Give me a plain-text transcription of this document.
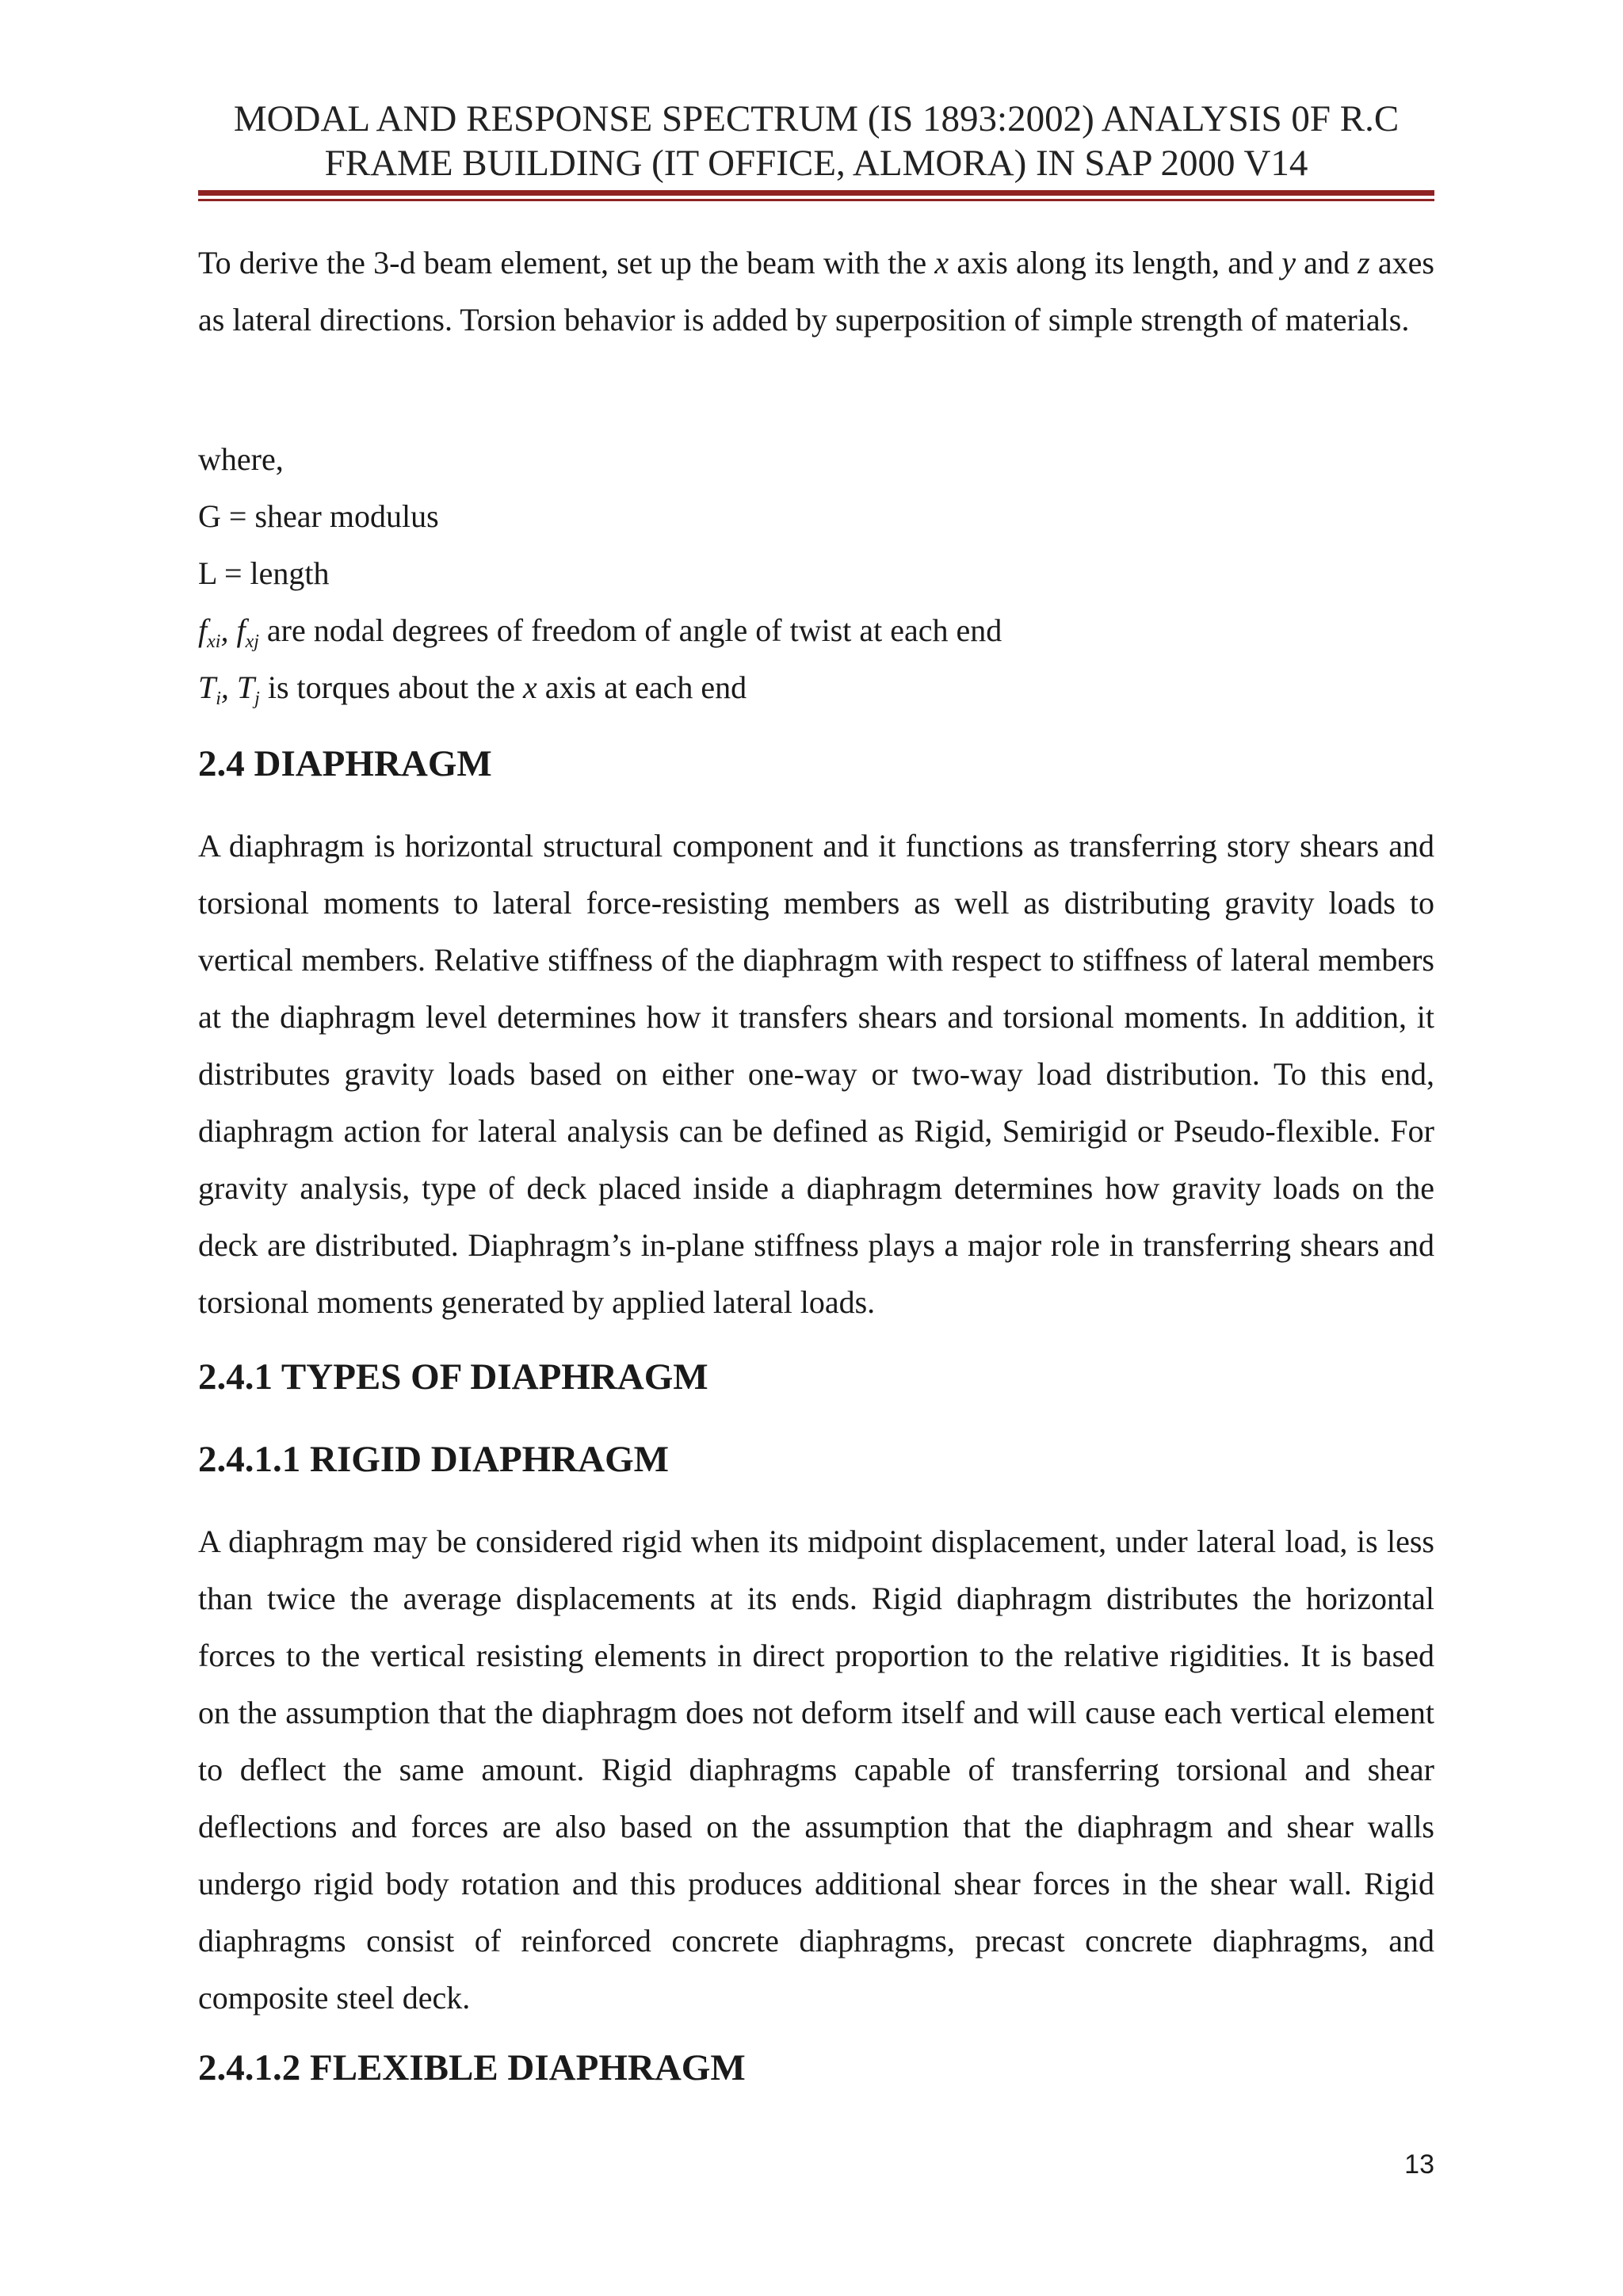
MODAL AND RESPONSE SPECTRUM (IS 1893:2002) ANALYSIS 0F R.C
FRAME BUILDING (IT OFFICE, ALMORA) IN SAP 2000 V14

To derive the 3-d beam element, set up the beam with the x axis along its length, and y and z axes as lateral directions. Torsion behavior is added by superposition of simple strength of materials.

where,
G = shear modulus
L = length
$f_{xi}$, $f_{xj}$ are nodal degrees of freedom of angle of twist at each end
$T_i$, $T_j$ is torques about the x axis at each end
2.4 DIAPHRAGM

A diaphragm is horizontal structural component and it functions as transferring story shears and torsional moments to lateral force-resisting members as well as distributing gravity loads to vertical members. Relative stiffness of the diaphragm with respect to stiffness of lateral members at the diaphragm level determines how it transfers shears and torsional moments. In addition, it distributes gravity loads based on either one-way or two-way load distribution. To this end, diaphragm action for lateral analysis can be defined as Rigid, Semirigid or Pseudo-flexible. For gravity analysis, type of deck placed inside a diaphragm determines how gravity loads on the deck are distributed. Diaphragm’s in-plane stiffness plays a major role in transferring shears and torsional moments generated by applied lateral loads.

2.4.1 TYPES OF DIAPHRAGM
2.4.1.1 RIGID DIAPHRAGM

A diaphragm may be considered rigid when its midpoint displacement, under lateral load, is less than twice the average displacements at its ends. Rigid diaphragm distributes the horizontal forces to the vertical resisting elements in direct proportion to the relative rigidities. It is based on the assumption that the diaphragm does not deform itself and will cause each vertical element to deflect the same amount. Rigid diaphragms capable of transferring torsional and shear deflections and forces are also based on the assumption that the diaphragm and shear walls undergo rigid body rotation and this produces additional shear forces in the shear wall. Rigid diaphragms consist of reinforced concrete diaphragms, precast concrete diaphragms, and composite steel deck.

2.4.1.2 FLEXIBLE DIAPHRAGM
13
